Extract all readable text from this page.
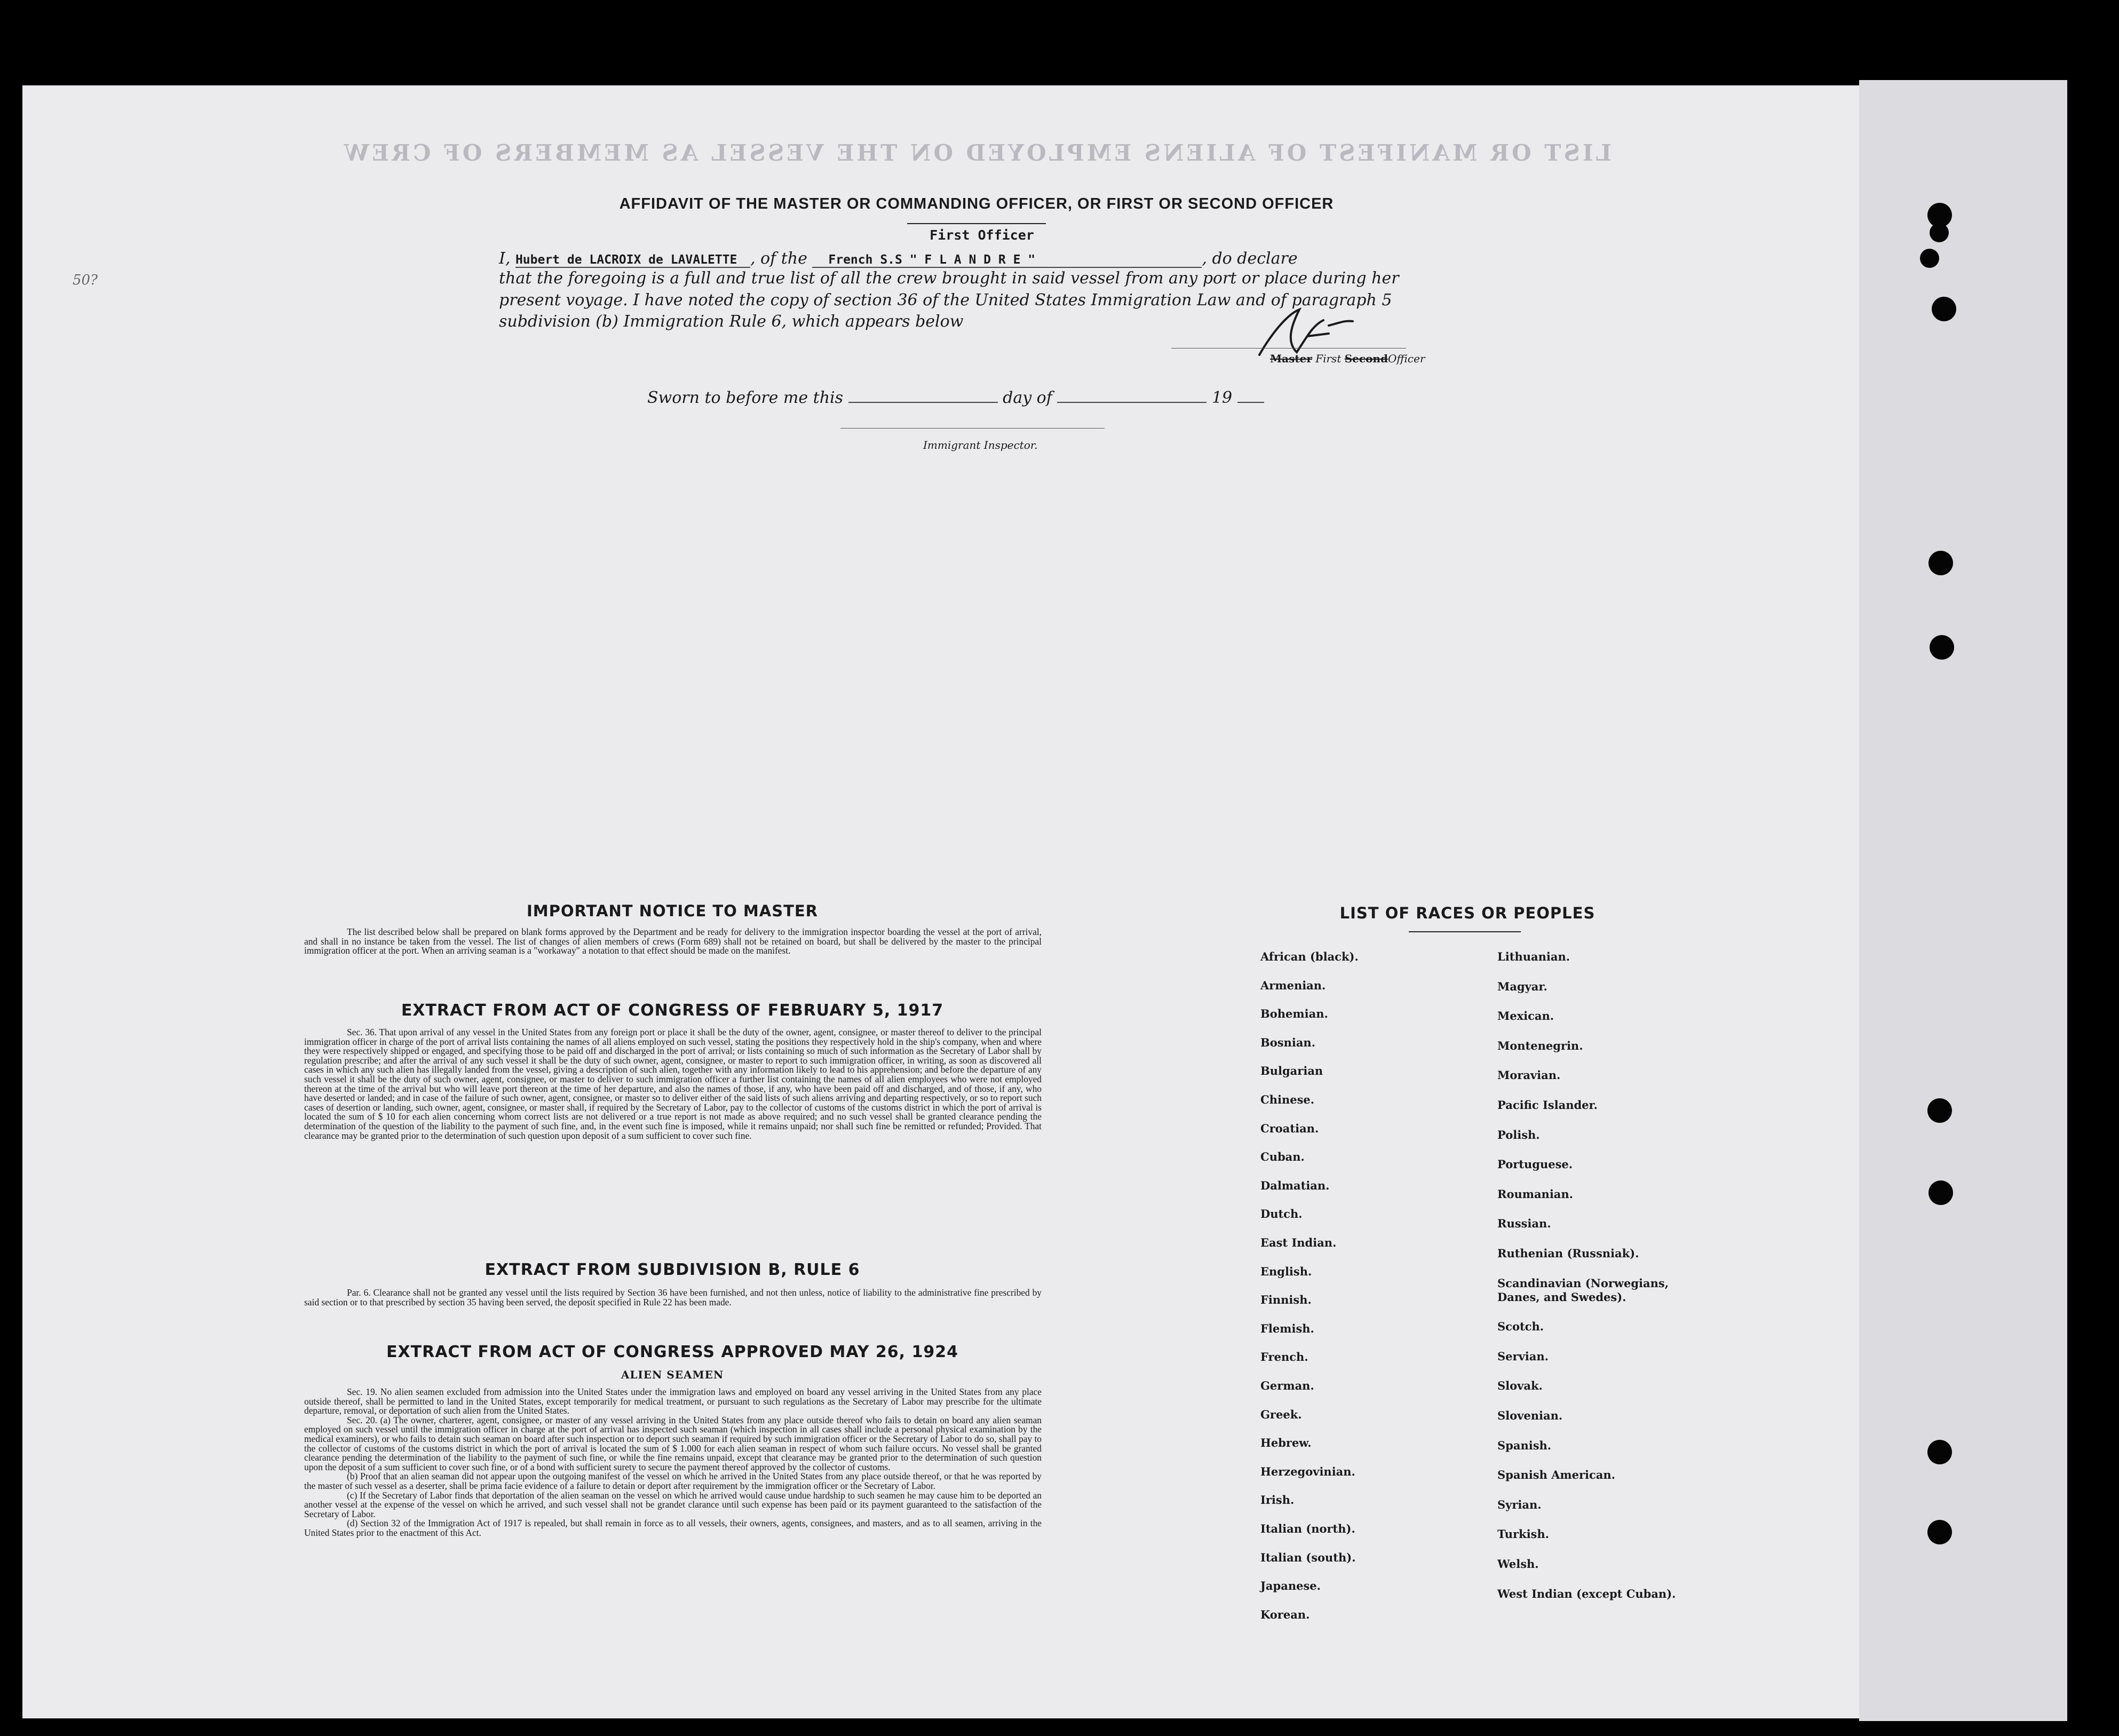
LIST OR MANIFEST OF ALIENS EMPLOYED ON THE VESSEL AS MEMBERS OF CREW
AFFIDAVIT OF THE MASTER OR COMMANDING OFFICER, OR FIRST OR SECOND OFFICER
First Officer
I, Hubert de LACROIX de LAVALETTE , of the French S.S " F L A N D R E "	, do declare
that the foregoing is a full and true list of all the crew brought in said vessel from any port or place during her
present voyage. I have noted the copy of section 36 of the United States Immigration Law and of paragraph 5
subdivision (b) Immigration Rule 6, which appears below
50?
Master First SecondOfficer
Sworn to before me this	day of	19
Immigrant Inspector.
IMPORTANT NOTICE TO MASTER

The list described below shall be prepared on blank forms approved by the Department and be ready for delivery to the immigration inspector boarding the vessel at the port of arrival, and shall in no instance be taken from the vessel. The list of changes of alien members of crews (Form 689) shall not be retained on board, but shall be delivered by the master to the principal immigration officer at the port. When an arriving seaman is a "workaway" a notation to that effect should be made on the manifest.

EXTRACT FROM ACT OF CONGRESS OF FEBRUARY 5, 1917

Sec. 36. That upon arrival of any vessel in the United States from any foreign port or place it shall be the duty of the owner, agent, consignee, or master thereof to deliver to the principal immigration officer in charge of the port of arrival lists containing the names of all aliens employed on such vessel, stating the positions they respectively hold in the ship's company, when and where they were respectively shipped or engaged, and specifying those to be paid off and discharged in the port of arrival; or lists containing so much of such information as the Secretary of Labor shall by regulation prescribe; and after the arrival of any such vessel it shall be the duty of such owner, agent, consignee, or master to report to such immigration officer, in writing, as soon as discovered all cases in which any such alien has illegally landed from the vessel, giving a description of such alien, together with any information likely to lead to his apprehension; and before the departure of any such vessel it shall be the duty of such owner, agent, consignee, or master to deliver to such immigration officer a further list containing the names of all alien employees who were not employed thereon at the time of the arrival but who will leave port thereon at the time of her departure, and also the names of those, if any, who have been paid off and discharged, and of those, if any, who have deserted or landed; and in case of the failure of such owner, agent, consignee, or master so to deliver either of the said lists of such aliens arriving and departing respectively, or so to report such cases of desertion or landing, such owner, agent, consignee, or master shall, if required by the Secretary of Labor, pay to the collector of customs of the customs district in which the port of arrival is located the sum of $ 10 for each alien concerning whom correct lists are not delivered or a true report is not made as above required; and no such vessel shall be granted clearance pending the determination of the question of the liability to the payment of such fine, and, in the event such fine is imposed, while it remains unpaid; nor shall such fine be remitted or refunded; Provided. That clearance may be granted prior to the determination of such question upon deposit of a sum sufficient to cover such fine.

EXTRACT FROM SUBDIVISION B, RULE 6

Par. 6. Clearance shall not be granted any vessel until the lists required by Section 36 have been furnished, and not then unless, notice of liability to the administrative fine prescribed by said section or to that prescribed by section 35 having been served, the deposit specified in Rule 22 has been made.

EXTRACT FROM ACT OF CONGRESS APPROVED MAY 26, 1924
ALIEN SEAMEN

Sec. 19. No alien seamen excluded from admission into the United States under the immigration laws and employed on board any vessel arriving in the United States from any place outside thereof, shall be permitted to land in the United States, except temporarily for medical treatment, or pursuant to such regulations as the Secretary of Labor may prescribe for the ultimate departure, removal, or deportation of such alien from the United States.

Sec. 20. (a) The owner, charterer, agent, consignee, or master of any vessel arriving in the United States from any place outside thereof who fails to detain on board any alien seaman employed on such vessel until the immigration officer in charge at the port of arrival has inspected such seaman (which inspection in all cases shall include a personal physical examination by the medical examiners), or who fails to detain such seaman on board after such inspection or to deport such seaman if required by such immigration officer or the Secretary of Labor to do so, shall pay to the collector of customs of the customs district in which the port of arrival is located the sum of $ 1.000 for each alien seaman in respect of whom such failure occurs. No vessel shall be granted clearance pending the determination of the liability to the payment of such fine, or while the fine remains unpaid, except that clearance may be granted prior to the determination of such question upon the deposit of a sum sufficient to cover such fine, or of a bond with sufficient surety to secure the payment thereof approved by the collector of customs.

(b) Proof that an alien seaman did not appear upon the outgoing manifest of the vessel on which he arrived in the United States from any place outside thereof, or that he was reported by the master of such vessel as a deserter, shall be prima facie evidence of a failure to detain or deport after requirement by the immigration officer or the Secretary of Labor.

(c) If the Secretary of Labor finds that deportation of the alien seaman on the vessel on which he arrived would cause undue hardship to such seamen he may cause him to be deported an another vessel at the expense of the vessel on which he arrived, and such vessel shall not be grandet clarance until such expense has been paid or its payment guaranteed to the satisfaction of the Secretary of Labor.

(d) Section 32 of the Immigration Act of 1917 is repealed, but shall remain in force as to all vessels, their owners, agents, consignees, and masters, and as to all seamen, arriving in the United States prior to the enactment of this Act.

LIST OF RACES OR PEOPLES
African (black).
Armenian.
Bohemian.
Bosnian.
Bulgarian
Chinese.
Croatian.
Cuban.
Dalmatian.
Dutch.
East Indian.
English.
Finnish.
Flemish.
French.
German.
Greek.
Hebrew.
Herzegovinian.
Irish.
Italian (north).
Italian (south).
Japanese.
Korean.
Lithuanian.
Magyar.
Mexican.
Montenegrin.
Moravian.
Pacific Islander.
Polish.
Portuguese.
Roumanian.
Russian.
Ruthenian (Russniak).
Scandinavian (Norwegians, Danes, and Swedes).
Scotch.
Servian.
Slovak.
Slovenian.
Spanish.
Spanish American.
Syrian.
Turkish.
Welsh.
West Indian (except Cuban).
